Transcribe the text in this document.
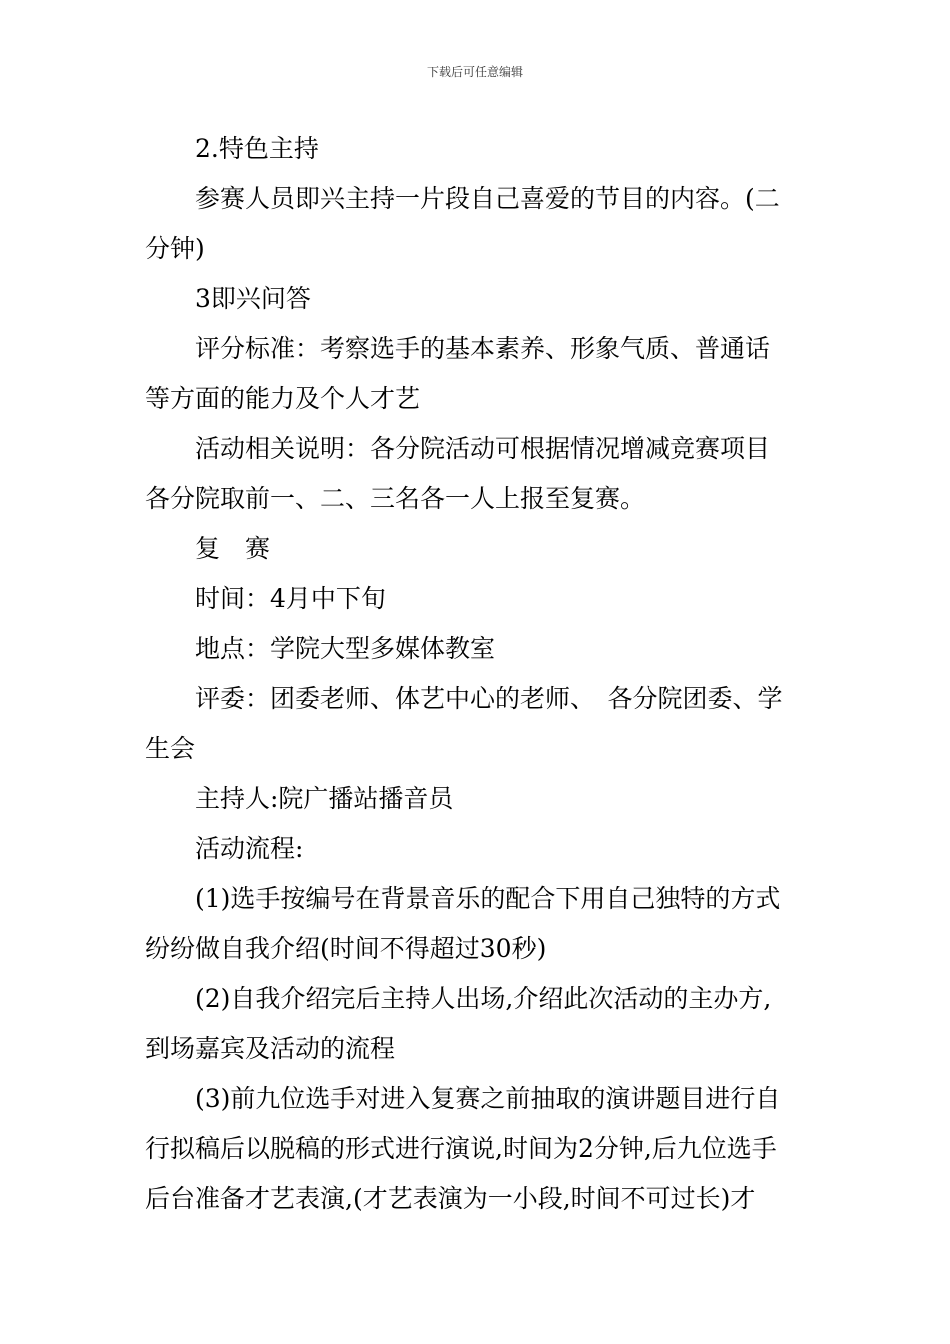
下载后可任意编辑
2.特色主持
参赛人员即兴主持一片段自己喜爱的节目的内容。(二
分钟)
3即兴问答
评分标准：考察选手的基本素养、形象气质、普通话
等方面的能力及个人才艺
活动相关说明：各分院活动可根据情况增减竞赛项目
各分院取前一、二、三名各一人上报至复赛。
复　赛
时间：4月中下旬
地点：学院大型多媒体教室
评委：团委老师、体艺中心的老师、　各分院团委、学
生会
主持人:院广播站播音员
活动流程:
(1)选手按编号在背景音乐的配合下用自己独特的方式
纷纷做自我介绍(时间不得超过30秒)
(2)自我介绍完后主持人出场,介绍此次活动的主办方,
到场嘉宾及活动的流程
(3)前九位选手对进入复赛之前抽取的演讲题目进行自
行拟稿后以脱稿的形式进行演说,时间为2分钟,后九位选手
后台准备才艺表演,(才艺表演为一小段,时间不可过长)才
